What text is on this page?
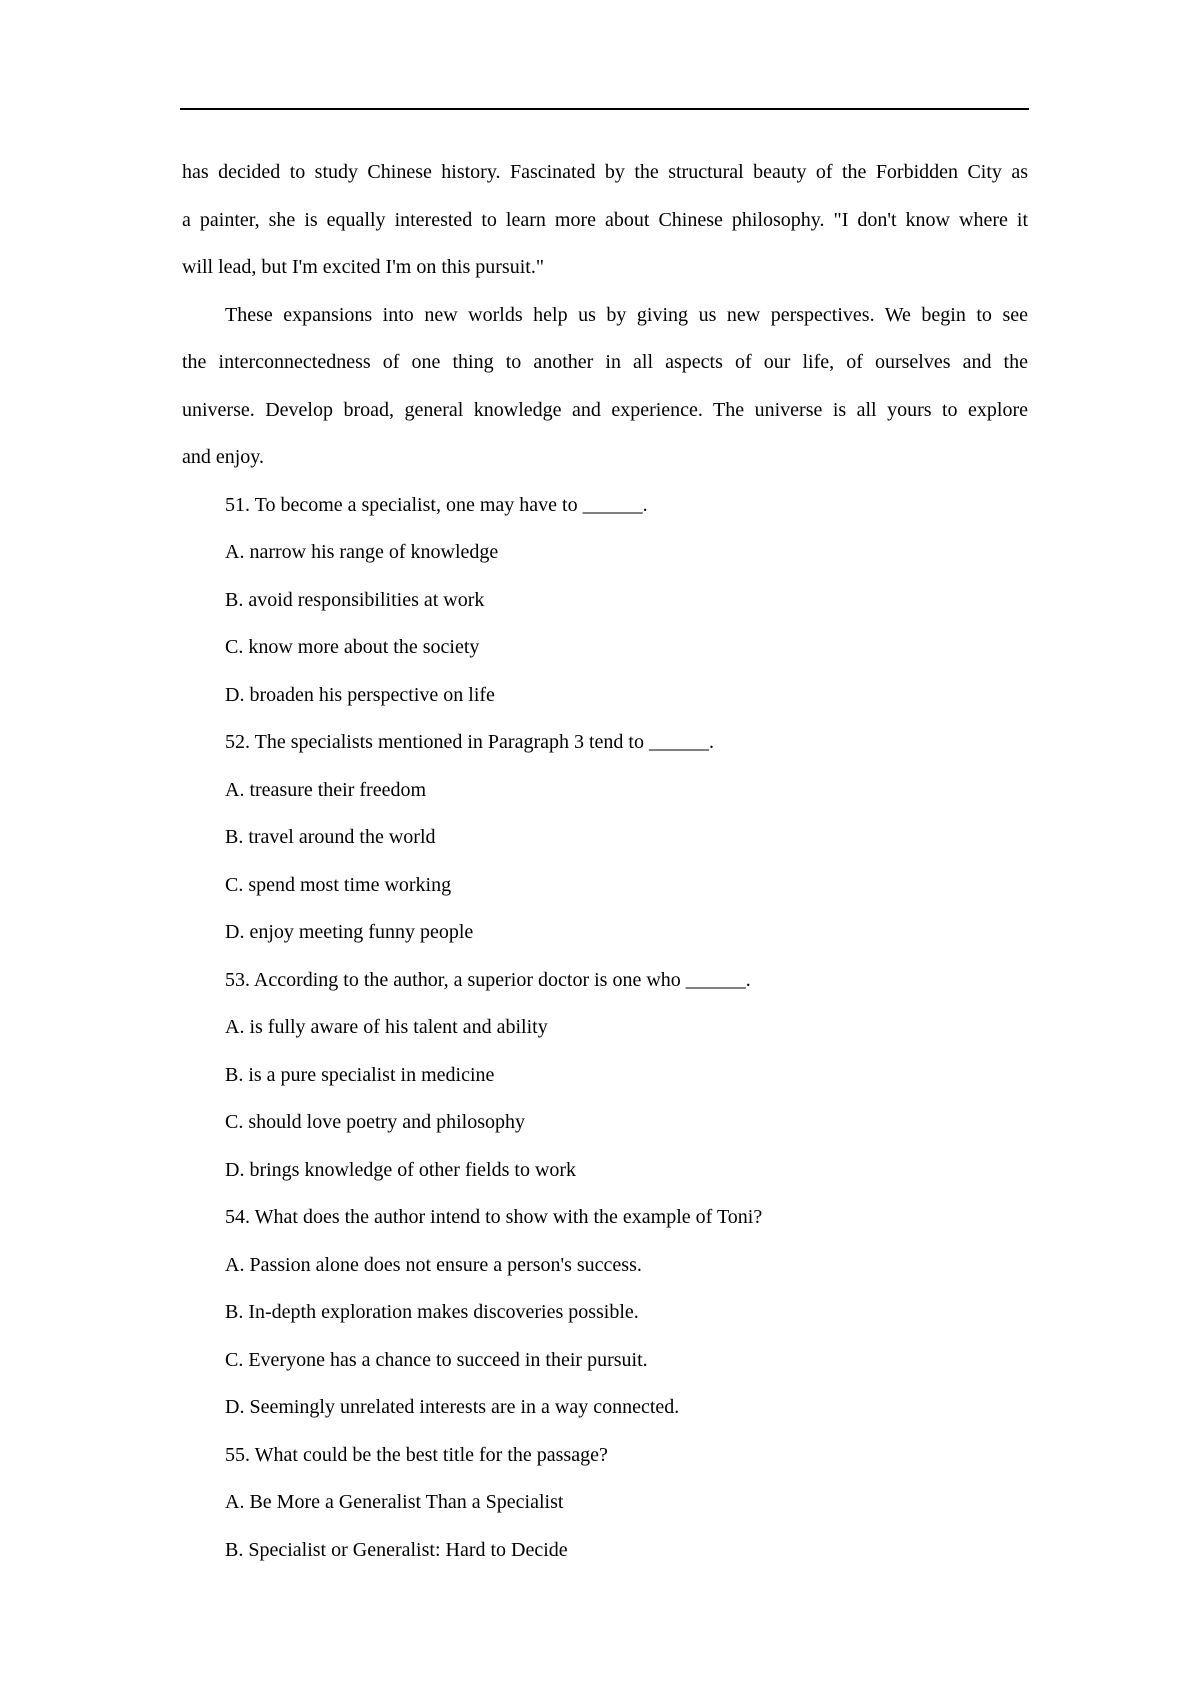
has decided to study Chinese history. Fascinated by the structural beauty of the Forbidden City as
a painter, she is equally interested to learn more about Chinese philosophy. "I don't know where it
will lead, but I'm excited I'm on this pursuit."
These expansions into new worlds help us by giving us new perspectives. We begin to see
the interconnectedness of one thing to another in all aspects of our life, of ourselves and the
universe. Develop broad, general knowledge and experience. The universe is all yours to explore
and enjoy.
51. To become a specialist, one may have to ______.
A. narrow his range of knowledge
B. avoid responsibilities at work
C. know more about the society
D. broaden his perspective on life
52. The specialists mentioned in Paragraph 3 tend to ______.
A. treasure their freedom
B. travel around the world
C. spend most time working
D. enjoy meeting funny people
53. According to the author, a superior doctor is one who ______.
A. is fully aware of his talent and ability
B. is a pure specialist in medicine
C. should love poetry and philosophy
D. brings knowledge of other fields to work
54. What does the author intend to show with the example of Toni?
A. Passion alone does not ensure a person's success.
B. In-depth exploration makes discoveries possible.
C. Everyone has a chance to succeed in their pursuit.
D. Seemingly unrelated interests are in a way connected.
55. What could be the best title for the passage?
A. Be More a Generalist Than a Specialist
B. Specialist or Generalist: Hard to Decide
